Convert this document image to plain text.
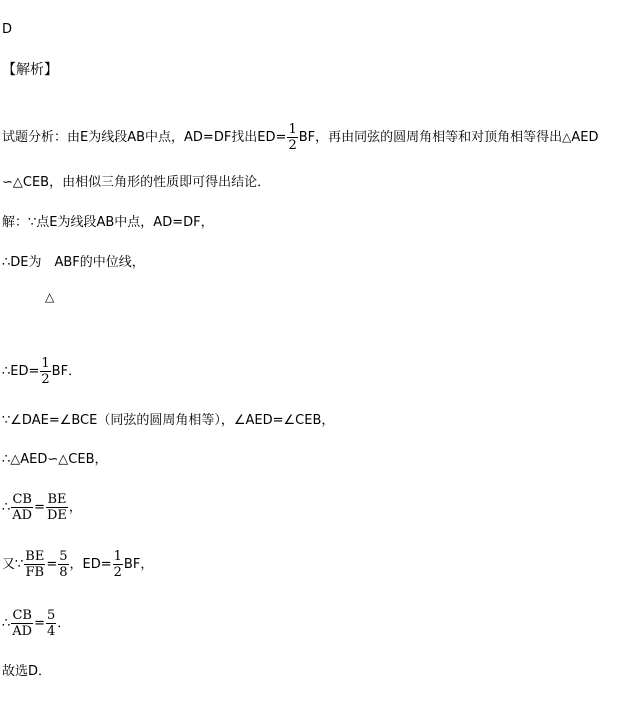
D
【解析】
试题分析：由E为线段AB中点，AD=DF找出$ED= \frac{1}{2}$ BF，再由同弦的圆周角相等和对顶角相等得出△AED
∽△CEB，由相似三角形的性质即可得出结论．
解：∵点E为线段AB中点，AD=DF，
∴DE为　ABF的中位线，
△
∴ED= $\frac{1}{2}$ BF．
∵∠DAE=∠BCE（同弦的圆周角相等），∠AED=∠CEB，
∴△AED∽△CEB，
∴ $\frac{CB}{AD} = \frac{BE}{DE}$ ，
又∵ $\frac{BE}{FB} = \frac{5}{8}$ ，$ED= \frac{1}{2}$ BF，
∴ $\frac{CB}{AD} = \frac{5}{4}$ ．
故选D．
